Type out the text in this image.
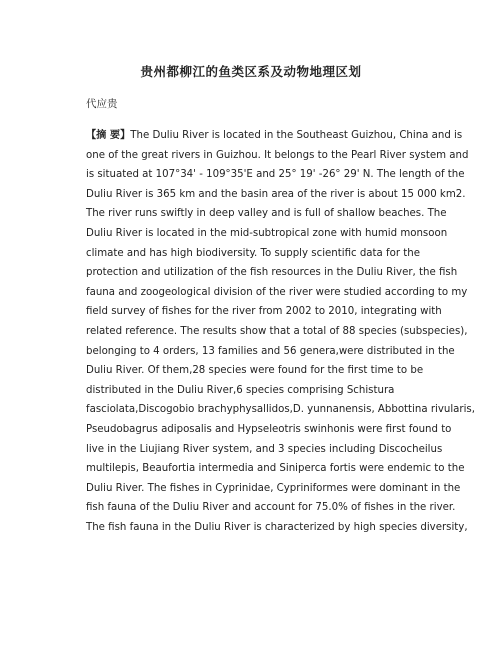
贵州都柳江的鱼类区系及动物地理区划
代应贵
【摘 要】The Duliu River is located in the Southeast Guizhou, China and is
one of the great rivers in Guizhou. It belongs to the Pearl River system and
is situated at 107°34' - 109°35'E and 25° 19' -26° 29' N. The length of the
Duliu River is 365 km and the basin area of the river is about 15 000 km2.
The river runs swiftly in deep valley and is full of shallow beaches. The
Duliu River is located in the mid-subtropical zone with humid monsoon
climate and has high biodiversity. To supply scientific data for the
protection and utilization of the fish resources in the Duliu River, the fish
fauna and zoogeological division of the river were studied according to my
field survey of fishes for the river from 2002 to 2010, integrating with
related reference. The results show that a total of 88 species (subspecies),
belonging to 4 orders, 13 families and 56 genera,were distributed in the
Duliu River. Of them,28 species were found for the first time to be
distributed in the Duliu River,6 species comprising Schistura
fasciolata,Discogobio brachyphysallidos,D. yunnanensis, Abbottina rivularis,
Pseudobagrus adiposalis and Hypseleotris swinhonis were first found to
live in the Liujiang River system, and 3 species including Discocheilus
multilepis, Beaufortia intermedia and Siniperca fortis were endemic to the
Duliu River. The fishes in Cyprinidae, Cypriniformes were dominant in the
fish fauna of the Duliu River and account for 75.0% of fishes in the river.
The fish fauna in the Duliu River is characterized by high species diversity,
